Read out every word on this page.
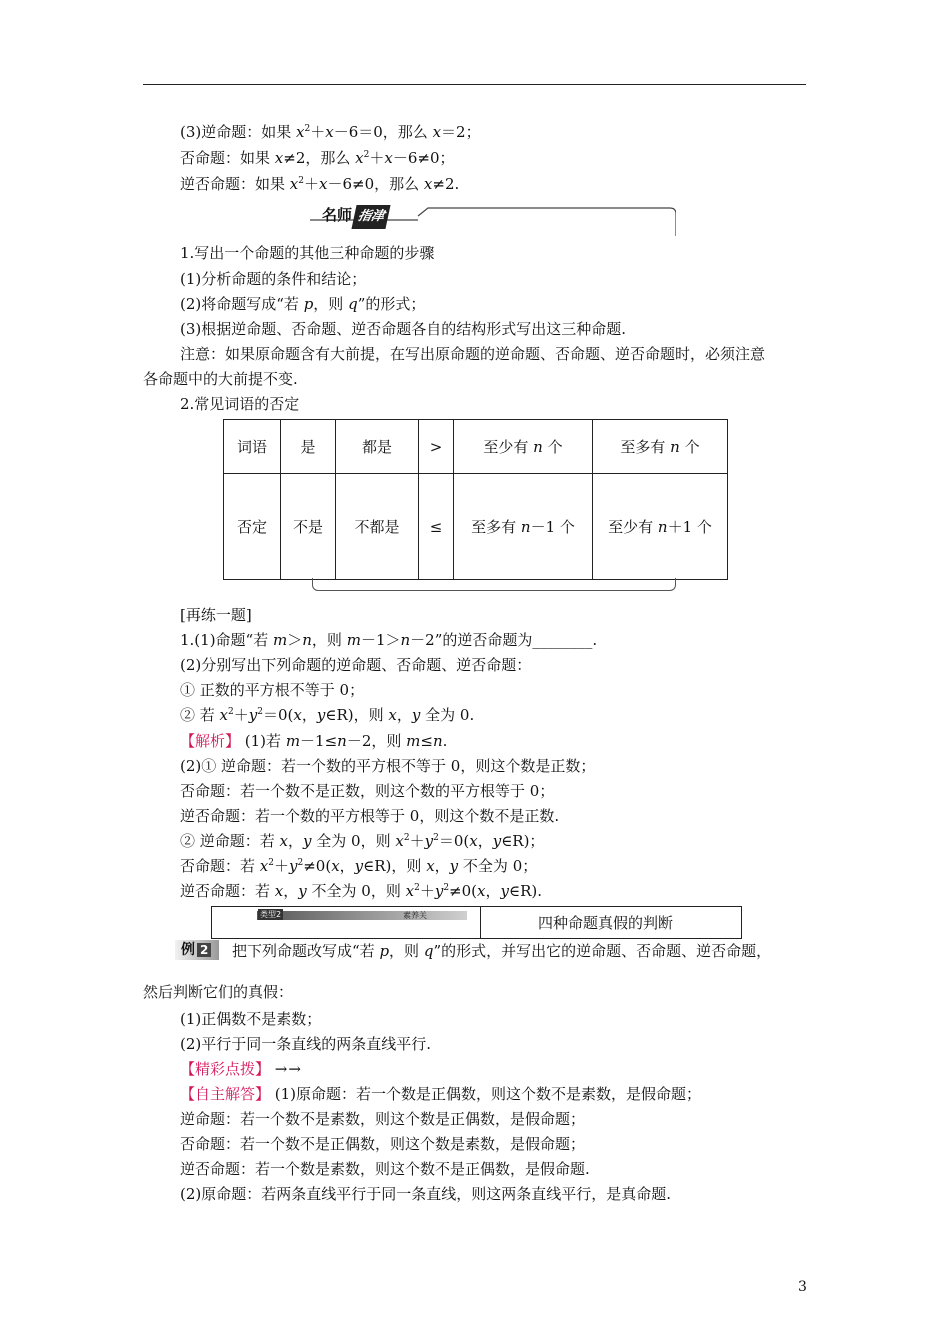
(3)逆命题：如果 $x^2+x-6=0$，那么 x＝2；
否命题：如果 x≠2，那么 $x^2+x-6\ne 0$；
逆否命题：如果 $x^2+x-6\ne 0$，那么 x≠2.
名师 指津
1.写出一个命题的其他三种命题的步骤
(1)分析命题的条件和结论；
(2)将命题写成“若 p，则 q”的形式；
(3)根据逆命题、否命题、逆否命题各自的结构形式写出这三种命题.
注意：如果原命题含有大前提，在写出原命题的逆命题、否命题、逆否命题时，必须注意
各命题中的大前提不变.
2.常见词语的否定
词语	是	都是	>	至少有 n 个	至多有 n 个
否定	不是	不都是	≤	至多有 n－1 个	至少有 n＋1 个
[再练一题]
1.(1)命题“若 m＞n，则 m－1＞n－2”的逆否命题为________.
(2)分别写出下列命题的逆命题、否命题、逆否命题：
① 正数的平方根不等于 0；
② 若 $x^2+y^2=0(x$，y∈R)，则 x，y 全为 0.
【解析】 (1)若 m－1≤n－2，则 m≤n.
(2)① 逆命题：若一个数的平方根不等于 0，则这个数是正数；
否命题：若一个数不是正数，则这个数的平方根等于 0；
逆否命题：若一个数的平方根等于 0，则这个数不是正数.
② 逆命题：若 x，y 全为 0，则 $x^2+y^2=0(x$，y∈R)；
否命题：若 $x^2+y^2\ne 0(x$，y∈R)，则 x，y 不全为 0；
逆否命题：若 x，y 不全为 0，则 $x^2+y^2\ne 0(x$，y∈R).
类型2	素养关	四种命题真假的判断
例 2	把下列命题改写成“若 p，则 q”的形式，并写出它的逆命题、否命题、逆否命题，
然后判断它们的真假：
(1)正偶数不是素数；
(2)平行于同一条直线的两条直线平行.
【精彩点拨】 →→
【自主解答】 (1)原命题：若一个数是正偶数，则这个数不是素数，是假命题；
逆命题：若一个数不是素数，则这个数是正偶数，是假命题；
否命题：若一个数不是正偶数，则这个数是素数，是假命题；
逆否命题：若一个数是素数，则这个数不是正偶数，是假命题.
(2)原命题：若两条直线平行于同一条直线，则这两条直线平行，是真命题.
3
